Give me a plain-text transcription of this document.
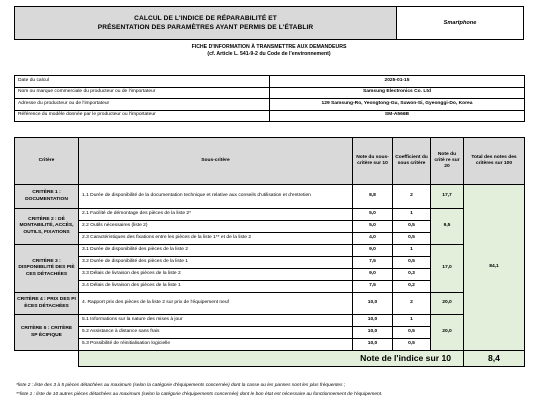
CALCUL DE L'INDICE DE RÉPARABILITÉ ET
PRÉSENTATION DES PARAMÈTRES AYANT PERMIS DE L'ÉTABLIR
Smartphone
FICHE D'INFORMATION À TRANSMETTRE AUX DEMANDEURS
(cf. Article L. 541-9-2 du Code de l'environnement)
Date du calcul	2025-01-15
Nom ou marque commerciale du producteur ou de l'importateur	Samsung Electronics Co. Ltd
Adresse du producteur ou de l'importateur	129 Samsung-Ro, Yeongtong-Gu, Suwon-Si, Gyeonggi-Do, Korea
Référence du modèle donnée par le producteur ou l'importateur	SM-A566B
Critère	Sous-critère	Note du sous-critère sur 10	Coefficient du sous critère	Note du critè re sur 20	Total des notes des critères sur 100
CRITÈRE 1 : DOCUMENTATION	1.1 Durée de disponibilité de la documentation technique et relative aux conseils d'utilisation et d'entretien	8,8	2	17,7	84,1
CRITÈRE 2 : DÉ MONTABILITÉ, ACCÈS, OUTILS, FIXATIONS	2.1 Facilité de démontage des pièces de la liste 2*	5,0	1	9,5	
	2.2 Outils nécessaires (liste 2)	5,0	0,5		
	2.3 Caractéristiques des fixations entre les pièces de la liste 1** et de la liste 2	4,0	0,5		
CRITÈRE 3 : DISPONIBILITÉ DES PIÈ CES DÉTACHÉES	3.1 Durée de disponibilité des pièces de la liste 2	9,0	1	17,0	
	3.2 Durée de disponibilité des pièces de la liste 1	7,5	0,5		
	3.3 Délais de livraison des pièces de la liste 2	9,0	0,3		
	3.4 Délais de livraison des pièces de la liste 1	7,5	0,2		
CRITÈRE 4 : PRIX DES PI ÈCES DÉTACHÉES	4. Rapport prix des pièces de la liste 2 sur prix de l'équipement neuf	10,0	2	20,0	
CRITÈRE 5 : CRITÈRE SP ÉCIFIQUE	5.1 Informations sur la nature des mises à jour	10,0	1	20,0	
	5.2 Assistance à distance sans frais	10,0	0,5		
	5.3 Possibilité de réinitialisation logicielle	10,0	0,5		
	Note de l'indice sur 10				8,4
*liste 2 : liste des 3 à 5 pièces détachées au maximum (selon la catégorie d'équipements concernée) dont la casse ou les pannes sont les plus fréquentes ;
**liste 1 : liste de 10 autres pièces détachées au maximum (selon la catégorie d'équipements concernée) dont le bon état est nécessaire au fonctionnement de l'équipement.
